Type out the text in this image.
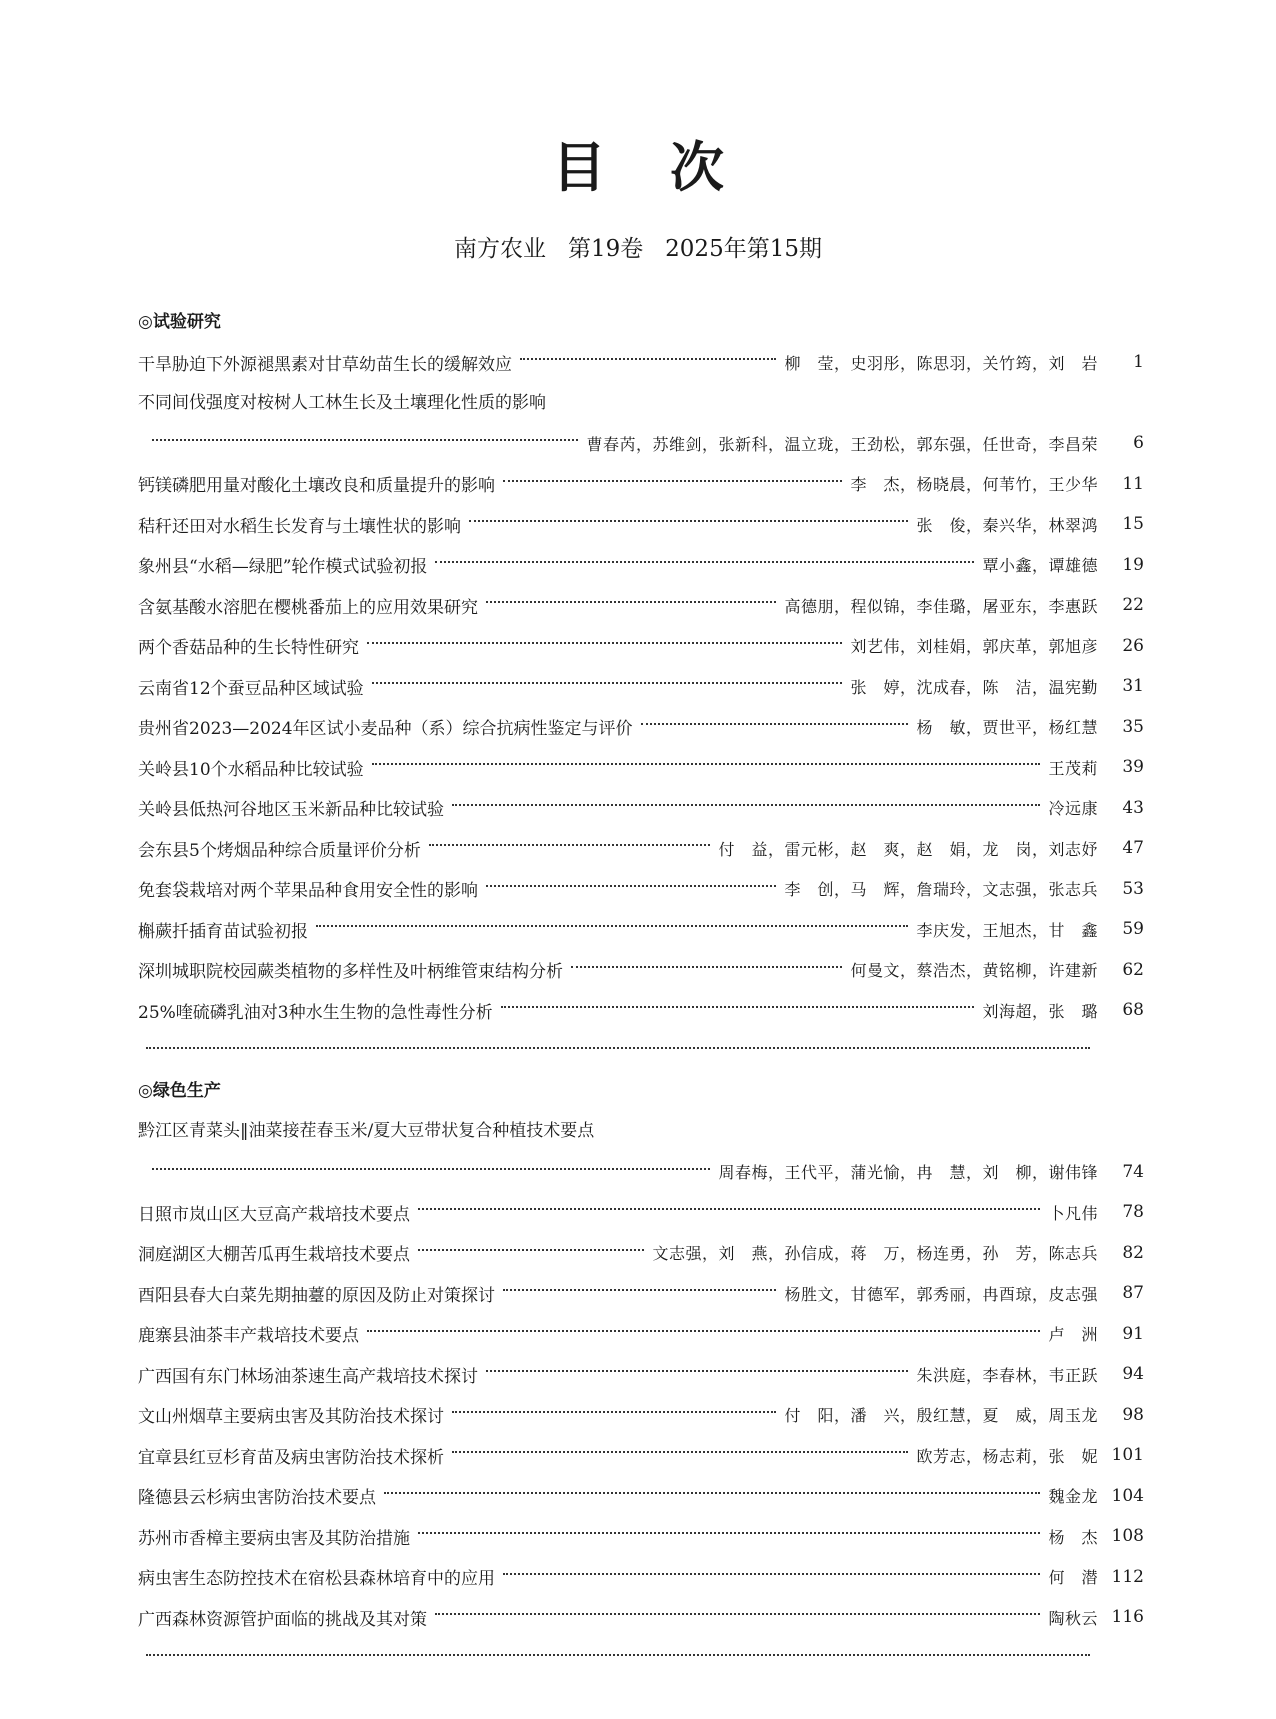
目次
南方农业   第19卷   2025年第15期
◎试验研究
干旱胁迫下外源褪黑素对甘草幼苗生长的缓解效应	柳　莹，史羽彤，陈思羽，关竹筠，刘　岩	1
不同间伐强度对桉树人工林生长及土壤理化性质的影响
曹春芮，苏维剑，张新科，温立珑，王劲松，郭东强，任世奇，李昌荣	6
钙镁磷肥用量对酸化土壤改良和质量提升的影响	李　杰，杨晓晨，何苇竹，王少华	11
秸秆还田对水稻生长发育与土壤性状的影响	张　俊，秦兴华，林翠鸿	15
象州县“水稻—绿肥”轮作模式试验初报	覃小鑫，谭雄德	19
含氨基酸水溶肥在樱桃番茄上的应用效果研究	高德朋，程似锦，李佳璐，屠亚东，李惠跃	22
两个香菇品种的生长特性研究	刘艺伟，刘桂娟，郭庆革，郭旭彦	26
云南省12个蚕豆品种区域试验	张　婷，沈成春，陈　洁，温宪勤	31
贵州省2023—2024年区试小麦品种（系）综合抗病性鉴定与评价	杨　敏，贾世平，杨红慧	35
关岭县10个水稻品种比较试验	王茂莉	39
关岭县低热河谷地区玉米新品种比较试验	冷远康	43
会东县5个烤烟品种综合质量评价分析	付　益，雷元彬，赵　爽，赵　娟，龙　岗，刘志妤	47
免套袋栽培对两个苹果品种食用安全性的影响	李　创，马　辉，詹瑞玲，文志强，张志兵	53
槲蕨扦插育苗试验初报	李庆发，王旭杰，甘　鑫	59
深圳城职院校园蕨类植物的多样性及叶柄维管束结构分析	何曼文，蔡浩杰，黄铭柳，许建新	62
25%喹硫磷乳油对3种水生生物的急性毒性分析	刘海超，张　璐	68
◎绿色生产
黔江区青菜头‖油菜接茬春玉米/夏大豆带状复合种植技术要点
周春梅，王代平，蒲光愉，冉　慧，刘　柳，谢伟锋	74
日照市岚山区大豆高产栽培技术要点	卜凡伟	78
洞庭湖区大棚苦瓜再生栽培技术要点	文志强，刘　燕，孙信成，蒋　万，杨连勇，孙　芳，陈志兵	82
酉阳县春大白菜先期抽薹的原因及防止对策探讨	杨胜文，甘德军，郭秀丽，冉酉琼，皮志强	87
鹿寨县油茶丰产栽培技术要点	卢　洲	91
广西国有东门林场油茶速生高产栽培技术探讨	朱洪庭，李春林，韦正跃	94
文山州烟草主要病虫害及其防治技术探讨	付　阳，潘　兴，殷红慧，夏　威，周玉龙	98
宜章县红豆杉育苗及病虫害防治技术探析	欧芳志，杨志莉，张　妮 101
隆德县云杉病虫害防治技术要点	魏金龙 104
苏州市香樟主要病虫害及其防治措施	杨　杰 108
病虫害生态防控技术在宿松县森林培育中的应用	何　潜 112
广西森林资源管护面临的挑战及其对策	陶秋云 116
